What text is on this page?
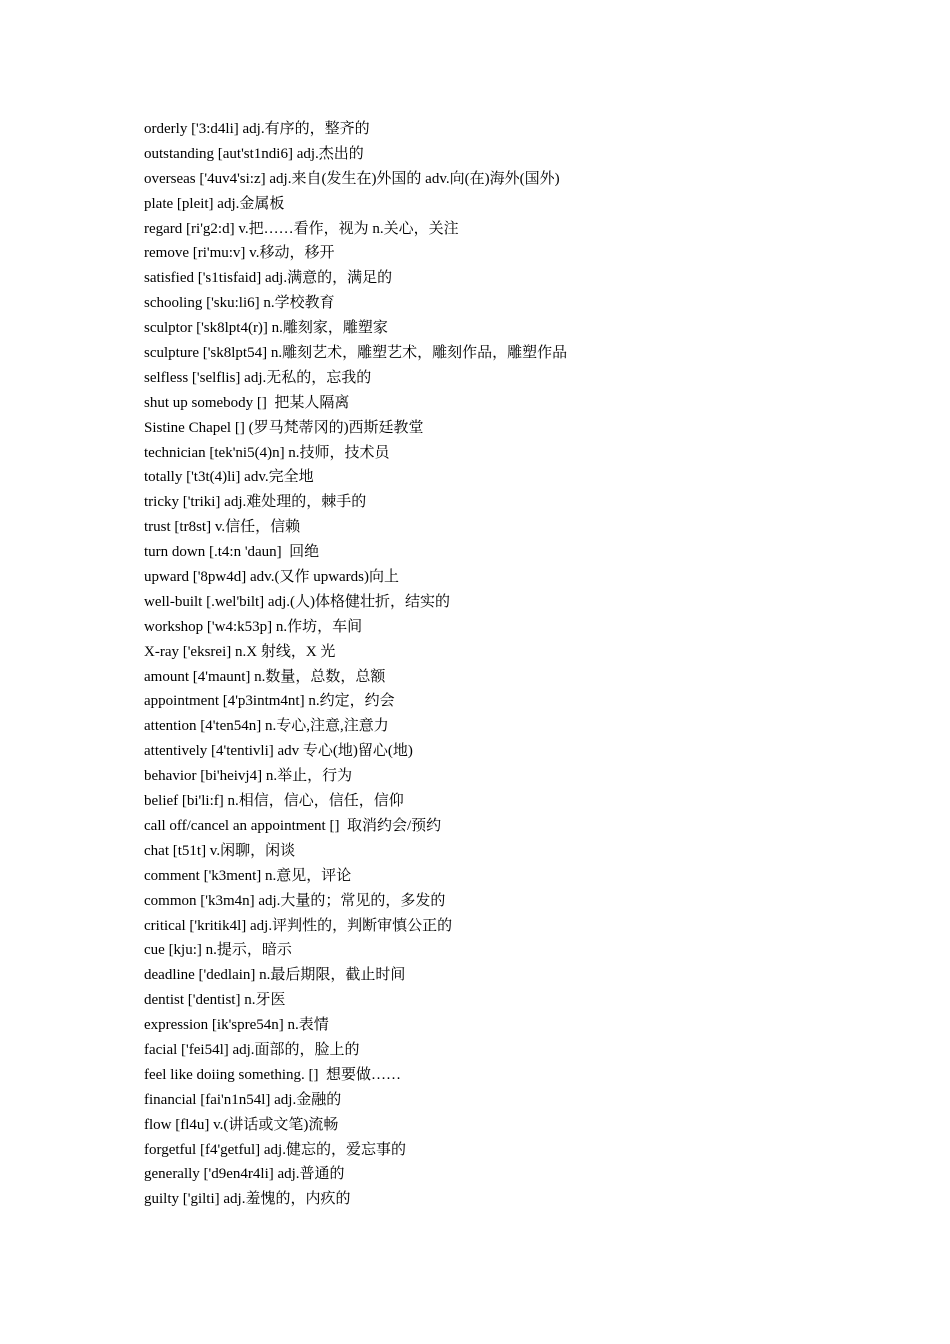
orderly ['3:d4li] adj.有序的，整齐的
outstanding [aut'st1ndi6] adj.杰出的
overseas ['4uv4'si:z] adj.来自(发生在)外国的 adv.向(在)海外(国外)
plate [pleit] adj.金属板
regard [ri'g2:d] v.把……看作，视为 n.关心，关注
remove [ri'mu:v] v.移动，移开
satisfied ['s1tisfaid] adj.满意的，满足的
schooling ['sku:li6] n.学校教育
sculptor ['sk8lpt4(r)] n.雕刻家，雕塑家
sculpture ['sk8lpt54] n.雕刻艺术，雕塑艺术，雕刻作品，雕塑作品
selfless ['selflis] adj.无私的，忘我的
shut up somebody []  把某人隔离
Sistine Chapel [] (罗马梵蒂冈的)西斯廷教堂
technician [tek'ni5(4)n] n.技师，技术员
totally ['t3t(4)li] adv.完全地
tricky ['triki] adj.难处理的，棘手的
trust [tr8st] v.信任，信赖
turn down [.t4:n 'daun]  回绝
upward ['8pw4d] adv.(又作 upwards)向上
well-built [.wel'bilt] adj.(人)体格健壮折，结实的
workshop ['w4:k53p] n.作坊，车间
X-ray ['eksrei] n.X 射线，X 光
amount [4'maunt] n.数量，总数，总额
appointment [4'p3intm4nt] n.约定，约会
attention [4'ten54n] n.专心,注意,注意力
attentively [4'tentivli] adv 专心(地)留心(地)
behavior [bi'heivj4] n.举止，行为
belief [bi'li:f] n.相信，信心，信任，信仰
call off/cancel an appointment []  取消约会/预约
chat [t51t] v.闲聊，闲谈
comment ['k3ment] n.意见，评论
common ['k3m4n] adj.大量的；常见的，多发的
critical ['kritik4l] adj.评判性的，判断审慎公正的
cue [kju:] n.提示，暗示
deadline ['dedlain] n.最后期限，截止时间
dentist ['dentist] n.牙医
expression [ik'spre54n] n.表情
facial ['fei54l] adj.面部的，脸上的
feel like doiing something. []  想要做……
financial [fai'n1n54l] adj.金融的
flow [fl4u] v.(讲话或文笔)流畅
forgetful [f4'getful] adj.健忘的，爱忘事的
generally ['d9en4r4li] adj.普通的
guilty ['gilti] adj.羞愧的，内疚的
